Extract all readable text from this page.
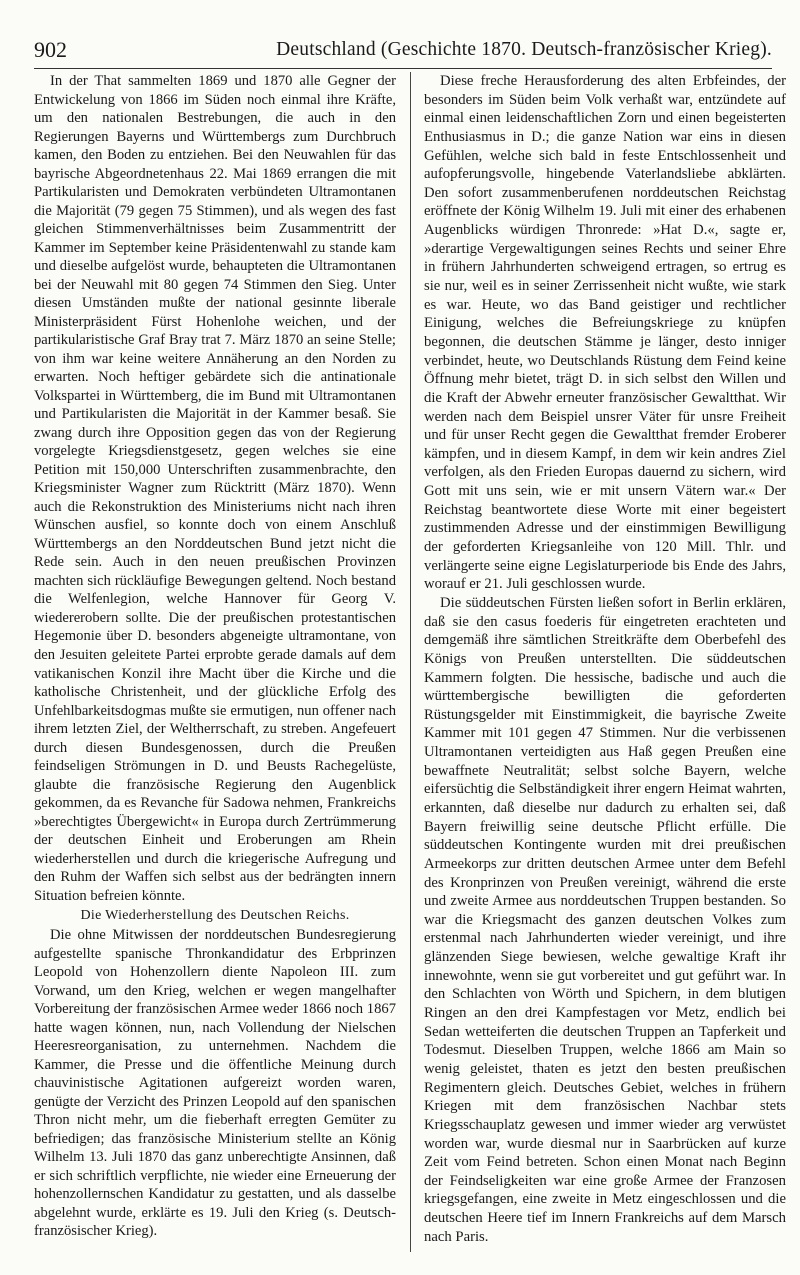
902	Deutschland (Geschichte 1870. Deutsch-französischer Krieg).

In der That sammelten 1869 und 1870 alle Gegner der Entwickelung von 1866 im Süden noch einmal ihre Kräfte, um den nationalen Bestrebungen, die auch in den Regierungen Bayerns und Württembergs zum Durchbruch kamen, den Boden zu entziehen. Bei den Neuwahlen für das bayrische Abgeordnetenhaus 22. Mai 1869 errangen die mit Partikularisten und Demokraten verbündeten Ultramontanen die Majorität (79 gegen 75 Stimmen), und als wegen des fast gleichen Stimmenverhältnisses beim Zusammentritt der Kammer im September keine Präsidentenwahl zu stande kam und dieselbe aufgelöst wurde, behaupteten die Ultramontanen bei der Neuwahl mit 80 gegen 74 Stimmen den Sieg. Unter diesen Umständen mußte der national gesinnte liberale Ministerpräsident Fürst Hohenlohe weichen, und der partikularistische Graf Bray trat 7. März 1870 an seine Stelle; von ihm war keine weitere Annäherung an den Norden zu erwarten. Noch heftiger gebärdete sich die antinationale Volkspartei in Württemberg, die im Bund mit Ultramontanen und Partikularisten die Majorität in der Kammer besaß. Sie zwang durch ihre Opposition gegen das von der Regierung vorgelegte Kriegsdienstgesetz, gegen welches sie eine Petition mit 150,000 Unterschriften zusammenbrachte, den Kriegsminister Wagner zum Rücktritt (März 1870). Wenn auch die Rekonstruktion des Ministeriums nicht nach ihren Wünschen ausfiel, so konnte doch von einem Anschluß Württembergs an den Norddeutschen Bund jetzt nicht die Rede sein. Auch in den neuen preußischen Provinzen machten sich rückläufige Bewegungen geltend. Noch bestand die Welfenlegion, welche Hannover für Georg V. wiedererobern sollte. Die der preußischen protestantischen Hegemonie über D. besonders abgeneigte ultramontane, von den Jesuiten geleitete Partei erprobte gerade damals auf dem vatikanischen Konzil ihre Macht über die Kirche und die katholische Christenheit, und der glückliche Erfolg des Unfehlbarkeitsdogmas mußte sie ermutigen, nun offener nach ihrem letzten Ziel, der Weltherrschaft, zu streben. Angefeuert durch diesen Bundesgenossen, durch die Preußen feindseligen Strömungen in D. und Beusts Rachegelüste, glaubte die französische Regierung den Augenblick gekommen, da es Revanche für Sadowa nehmen, Frankreichs »berechtigtes Übergewicht« in Europa durch Zertrümmerung der deutschen Einheit und Eroberungen am Rhein wiederherstellen und durch die kriegerische Aufregung und den Ruhm der Waffen sich selbst aus der bedrängten innern Situation befreien könnte.

Die Wiederherstellung des Deutschen Reichs.

Die ohne Mitwissen der norddeutschen Bundesregierung aufgestellte spanische Thronkandidatur des Erbprinzen Leopold von Hohenzollern diente Napoleon III. zum Vorwand, um den Krieg, welchen er wegen mangelhafter Vorbereitung der französischen Armee weder 1866 noch 1867 hatte wagen können, nun, nach Vollendung der Nielschen Heeresreorganisation, zu unternehmen. Nachdem die Kammer, die Presse und die öffentliche Meinung durch chauvinistische Agitationen aufgereizt worden waren, genügte der Verzicht des Prinzen Leopold auf den spanischen Thron nicht mehr, um die fieberhaft erregten Gemüter zu befriedigen; das französische Ministerium stellte an König Wilhelm 13. Juli 1870 das ganz unberechtigte Ansinnen, daß er sich schriftlich verpflichte, nie wieder eine Erneuerung der hohenzollernschen Kandidatur zu gestatten, und als dasselbe abgelehnt wurde, erklärte es 19. Juli den Krieg (s. Deutsch-französischer Krieg).

Diese freche Herausforderung des alten Erbfeindes, der besonders im Süden beim Volk verhaßt war, entzündete auf einmal einen leidenschaftlichen Zorn und einen begeisterten Enthusiasmus in D.; die ganze Nation war eins in diesen Gefühlen, welche sich bald in feste Entschlossenheit und aufopferungsvolle, hingebende Vaterlandsliebe abklärten. Den sofort zusammenberufenen norddeutschen Reichstag eröffnete der König Wilhelm 19. Juli mit einer des erhabenen Augenblicks würdigen Thronrede: »Hat D.«, sagte er, »derartige Vergewaltigungen seines Rechts und seiner Ehre in frühern Jahrhunderten schweigend ertragen, so ertrug es sie nur, weil es in seiner Zerrissenheit nicht wußte, wie stark es war. Heute, wo das Band geistiger und rechtlicher Einigung, welches die Befreiungskriege zu knüpfen begonnen, die deutschen Stämme je länger, desto inniger verbindet, heute, wo Deutschlands Rüstung dem Feind keine Öffnung mehr bietet, trägt D. in sich selbst den Willen und die Kraft der Abwehr erneuter französischer Gewaltthat. Wir werden nach dem Beispiel unsrer Väter für unsre Freiheit und für unser Recht gegen die Gewaltthat fremder Eroberer kämpfen, und in diesem Kampf, in dem wir kein andres Ziel verfolgen, als den Frieden Europas dauernd zu sichern, wird Gott mit uns sein, wie er mit unsern Vätern war.« Der Reichstag beantwortete diese Worte mit einer begeistert zustimmenden Adresse und der einstimmigen Bewilligung der geforderten Kriegsanleihe von 120 Mill. Thlr. und verlängerte seine eigne Legislaturperiode bis Ende des Jahrs, worauf er 21. Juli geschlossen wurde.

Die süddeutschen Fürsten ließen sofort in Berlin erklären, daß sie den casus foederis für eingetreten erachteten und demgemäß ihre sämtlichen Streitkräfte dem Oberbefehl des Königs von Preußen unterstellten. Die süddeutschen Kammern folgten. Die hessische, badische und auch die württembergische bewilligten die geforderten Rüstungsgelder mit Einstimmigkeit, die bayrische Zweite Kammer mit 101 gegen 47 Stimmen. Nur die verbissenen Ultramontanen verteidigten aus Haß gegen Preußen eine bewaffnete Neutralität; selbst solche Bayern, welche eifersüchtig die Selbständigkeit ihrer engern Heimat wahrten, erkannten, daß dieselbe nur dadurch zu erhalten sei, daß Bayern freiwillig seine deutsche Pflicht erfülle. Die süddeutschen Kontingente wurden mit drei preußischen Armeekorps zur dritten deutschen Armee unter dem Befehl des Kronprinzen von Preußen vereinigt, während die erste und zweite Armee aus norddeutschen Truppen bestanden. So war die Kriegsmacht des ganzen deutschen Volkes zum erstenmal nach Jahrhunderten wieder vereinigt, und ihre glänzenden Siege bewiesen, welche gewaltige Kraft ihr innewohnte, wenn sie gut vorbereitet und gut geführt war. In den Schlachten von Wörth und Spichern, in dem blutigen Ringen an den drei Kampfestagen vor Metz, endlich bei Sedan wetteiferten die deutschen Truppen an Tapferkeit und Todesmut. Dieselben Truppen, welche 1866 am Main so wenig geleistet, thaten es jetzt den besten preußischen Regimentern gleich. Deutsches Gebiet, welches in frühern Kriegen mit dem französischen Nachbar stets Kriegsschauplatz gewesen und immer wieder arg verwüstet worden war, wurde diesmal nur in Saarbrücken auf kurze Zeit vom Feind betreten. Schon einen Monat nach Beginn der Feindseligkeiten war eine große Armee der Franzosen kriegsgefangen, eine zweite in Metz eingeschlossen und die deutschen Heere tief im Innern Frankreichs auf dem Marsch nach Paris.
